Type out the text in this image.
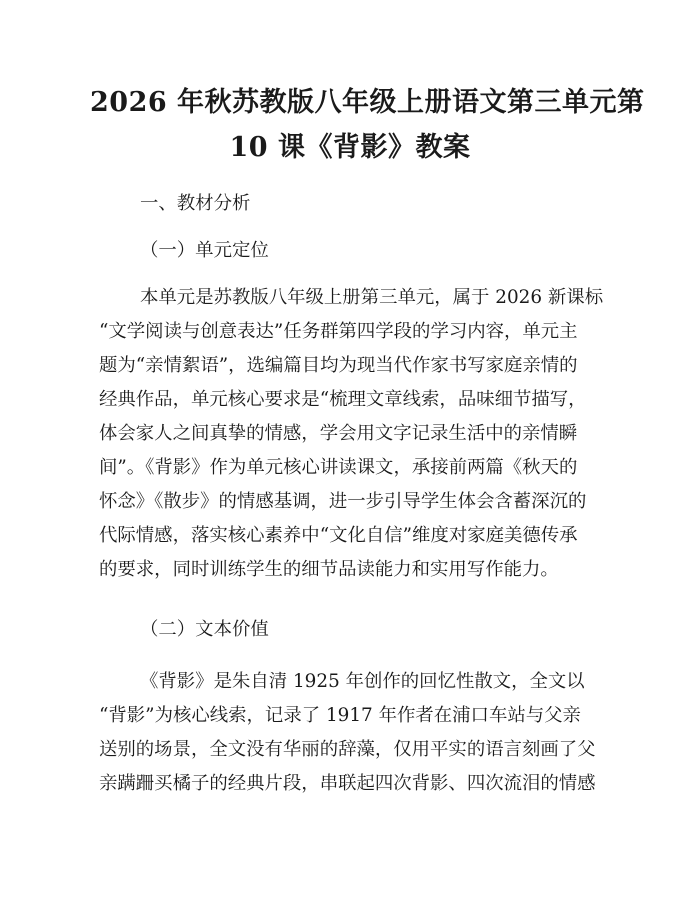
2026 年秋苏教版八年级上册语文第三单元第
10 课《背影》教案

一、教材分析

（一）单元定位

本单元是苏教版八年级上册第三单元，属于 2026 新课标

“文学阅读与创意表达”任务群第四学段的学习内容，单元主

题为“亲情絮语”，选编篇目均为现当代作家书写家庭亲情的

经典作品，单元核心要求是“梳理文章线索，品味细节描写，

体会家人之间真挚的情感，学会用文字记录生活中的亲情瞬

间”。《背影》作为单元核心讲读课文，承接前两篇《秋天的

怀念》《散步》的情感基调，进一步引导学生体会含蓄深沉的

代际情感，落实核心素养中“文化自信”维度对家庭美德传承

的要求，同时训练学生的细节品读能力和实用写作能力。

（二）文本价值

《背影》是朱自清 1925 年创作的回忆性散文，全文以

“背影”为核心线索，记录了 1917 年作者在浦口车站与父亲

送别的场景，全文没有华丽的辞藻，仅用平实的语言刻画了父

亲蹒跚买橘子的经典片段，串联起四次背影、四次流泪的情感
